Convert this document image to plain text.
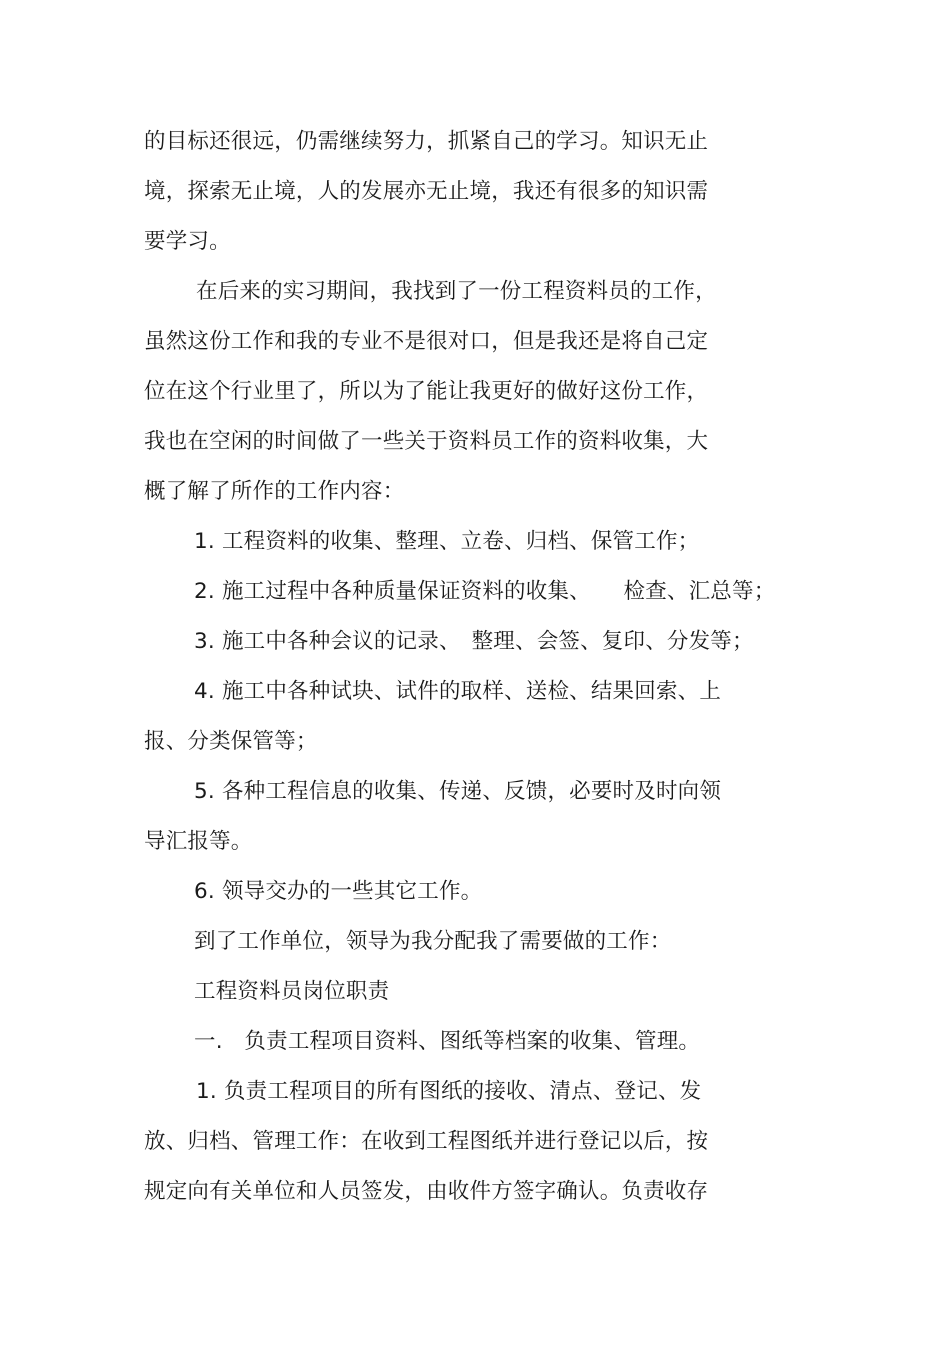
的目标还很远，仍需继续努力，抓紧自己的学习。知识无止
境，探索无止境，人的发展亦无止境，我还有很多的知识需
要学习。
在后来的实习期间，我找到了一份工程资料员的工作，
虽然这份工作和我的专业不是很对口，但是我还是将自己定
位在这个行业里了，所以为了能让我更好的做好这份工作，
我也在空闲的时间做了一些关于资料员工作的资料收集，大
概了解了所作的工作内容：
1. 工程资料的收集、整理、立卷、归档、保管工作；
2. 施工过程中各种质量保证资料的收集、　　检查、汇总等；
3. 施工中各种会议的记录、　整理、会签、复印、分发等；
4. 施工中各种试块、试件的取样、送检、结果回索、上
报、分类保管等；
5. 各种工程信息的收集、传递、反馈，必要时及时向领
导汇报等。
6. 领导交办的一些其它工作。
到了工作单位，领导为我分配我了需要做的工作：
工程资料员岗位职责
一.　负责工程项目资料、图纸等档案的收集、管理。
1. 负责工程项目的所有图纸的接收、清点、登记、发
放、归档、管理工作：在收到工程图纸并进行登记以后，按
规定向有关单位和人员签发，由收件方签字确认。负责收存
